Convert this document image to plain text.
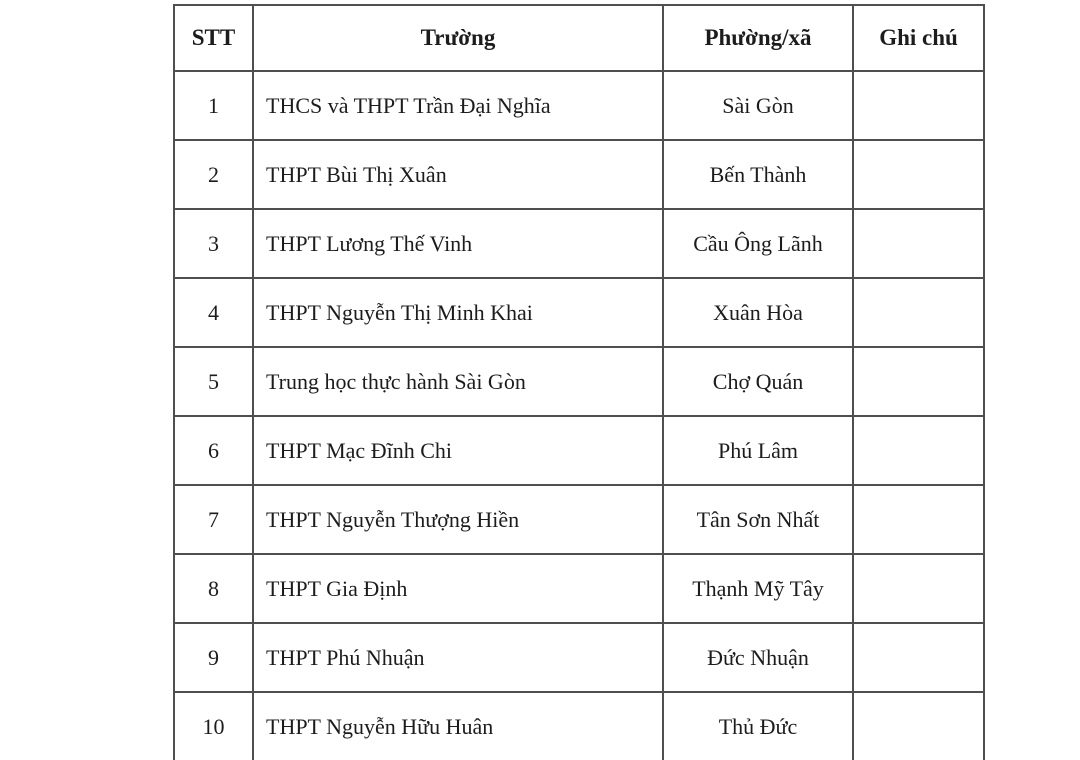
STT	Trường	Phường/xã	Ghi chú
1	THCS và THPT Trần Đại Nghĩa	Sài Gòn	
2	THPT Bùi Thị Xuân	Bến Thành	
3	THPT Lương Thế Vinh	Cầu Ông Lãnh	
4	THPT Nguyễn Thị Minh Khai	Xuân Hòa	
5	Trung học thực hành Sài Gòn	Chợ Quán	
6	THPT Mạc Đĩnh Chi	Phú Lâm	
7	THPT Nguyễn Thượng Hiền	Tân Sơn Nhất	
8	THPT Gia Định	Thạnh Mỹ Tây	
9	THPT Phú Nhuận	Đức Nhuận	
10	THPT Nguyễn Hữu Huân	Thủ Đức	
